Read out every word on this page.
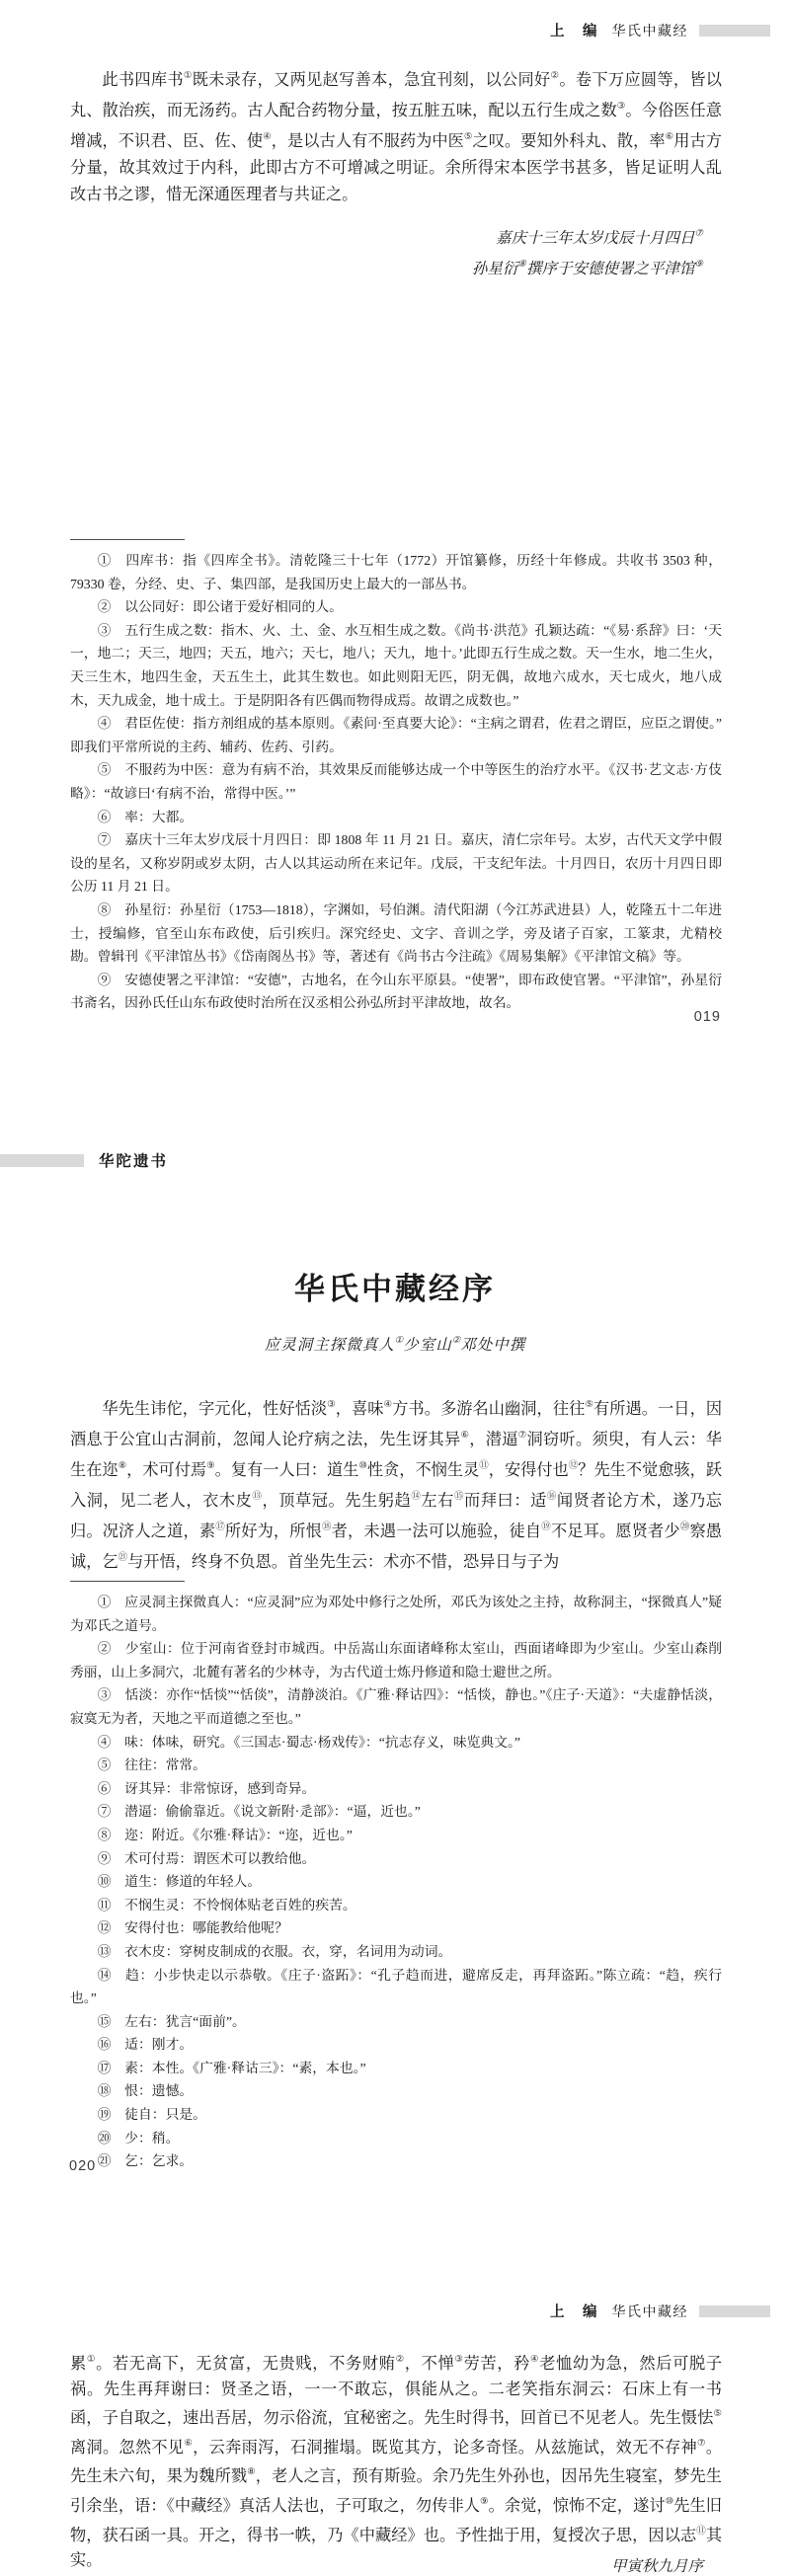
上　编 华氏中藏经
此书四库书①既未录存，又两见赵写善本，急宜刊刻，以公同好②。卷下万应圆等，皆以丸、散治疾，而无汤药。古人配合药物分量，按五脏五味，配以五行生成之数③。今俗医任意增减，不识君、臣、佐、使④，是以古人有不服药为中医⑤之叹。要知外科丸、散，率⑥用古方分量，故其效过于内科，此即古方不可增减之明证。余所得宋本医学书甚多，皆足证明人乱改古书之谬，惜无深通医理者与共证之。
嘉庆十三年太岁戊辰十月四日⑦
孙星衍⑧撰序于安德使署之平津馆⑨

①　四库书：指《四库全书》。清乾隆三十七年（1772）开馆纂修，历经十年修成。共收书 3503 种，79330 卷，分经、史、子、集四部，是我国历史上最大的一部丛书。

②　以公同好：即公诸于爱好相同的人。

③　五行生成之数：指木、火、土、金、水互相生成之数。《尚书·洪范》孔颖达疏：“《易·系辞》曰：‘天一，地二；天三，地四；天五，地六；天七，地八；天九，地十。’此即五行生成之数。天一生水，地二生火，天三生木，地四生金，天五生土，此其生数也。如此则阳无匹，阴无偶，故地六成水，天七成火，地八成木，天九成金，地十成土。于是阴阳各有匹偶而物得成焉。故谓之成数也。”

④　君臣佐使：指方剂组成的基本原则。《素问·至真要大论》：“主病之谓君，佐君之谓臣，应臣之谓使。”即我们平常所说的主药、辅药、佐药、引药。

⑤　不服药为中医：意为有病不治，其效果反而能够达成一个中等医生的治疗水平。《汉书·艺文志·方伎略》：“故谚曰‘有病不治，常得中医。’”

⑥　率：大都。

⑦　嘉庆十三年太岁戊辰十月四日：即 1808 年 11 月 21 日。嘉庆，清仁宗年号。太岁，古代天文学中假设的星名，又称岁阴或岁太阴，古人以其运动所在来记年。戊辰，干支纪年法。十月四日，农历十月四日即公历 11 月 21 日。

⑧　孙星衍：孙星衍（1753—1818），字渊如，号伯渊。清代阳湖（今江苏武进县）人，乾隆五十二年进士，授编修，官至山东布政使，后引疾归。深究经史、文字、音训之学，旁及诸子百家，工篆隶，尤精校勘。曾辑刊《平津馆丛书》《岱南阁丛书》等，著述有《尚书古今注疏》《周易集解》《平津馆文稿》等。

⑨　安德使署之平津馆：“安德”，古地名，在今山东平原县。“使署”，即布政使官署。“平津馆”，孙星衍书斋名，因孙氏任山东布政使时治所在汉丞相公孙弘所封平津故地，故名。

019
华陀遗书
华氏中藏经序
应灵洞主探微真人①少室山②邓处中撰
华先生讳佗，字元化，性好恬淡③，喜味④方书。多游名山幽洞，往往⑤有所遇。一日，因酒息于公宜山古洞前，忽闻人论疗病之法，先生讶其异⑥，潜逼⑦洞窃听。须臾，有人云：华生在迩⑧，术可付焉⑨。复有一人曰：道生⑩性贪，不悯生灵⑪，安得付也⑫？先生不觉愈骇，跃入洞，见二老人，衣木皮⑬，顶草冠。先生躬趋⑭左右⑮而拜曰：适⑯闻贤者论方术，遂乃忘归。况济人之道，素⑰所好为，所恨⑱者，未遇一法可以施验，徒自⑲不足耳。愿贤者少⑳察愚诚，乞$^㉑$与开悟，终身不负恩。首坐先生云：术亦不惜，恐异日与子为

①　应灵洞主探微真人：“应灵洞”应为邓处中修行之处所，邓氏为该处之主持，故称洞主，“探微真人”疑为邓氏之道号。

②　少室山：位于河南省登封市城西。中岳嵩山东面诸峰称太室山，西面诸峰即为少室山。少室山森削秀丽，山上多洞穴，北麓有著名的少林寺，为古代道士炼丹修道和隐士避世之所。

③　恬淡：亦作“恬惔”“恬倓”，清静淡泊。《广雅·释诂四》：“恬惔，静也。”《庄子·天道》：“夫虚静恬淡，寂寞无为者，天地之平而道德之至也。”

④　味：体味，研究。《三国志·蜀志·杨戏传》：“抗志存义，味览典文。”

⑤　往往：常常。

⑥　讶其异：非常惊讶，感到奇异。

⑦　潜逼：偷偷靠近。《说文新附·辵部》：“逼，近也。”

⑧　迩：附近。《尔雅·释诂》：“迩，近也。”

⑨　术可付焉：谓医术可以教给他。

⑩　道生：修道的年轻人。

⑪　不悯生灵：不怜悯体贴老百姓的疾苦。

⑫　安得付也：哪能教给他呢？

⑬　衣木皮：穿树皮制成的衣服。衣，穿，名词用为动词。

⑭　趋：小步快走以示恭敬。《庄子·盗跖》：“孔子趋而进，避席反走，再拜盗跖。”陈立疏：“趋，疾行也。”

⑮　左右：犹言“面前”。

⑯　适：刚才。

⑰　素：本性。《广雅·释诂三》：“素，本也。”

⑱　恨：遗憾。

⑲　徒自：只是。

⑳　少：稍。

㉑　乞：乞求。

020
上　编 华氏中藏经
累①。若无高下，无贫富，无贵贱，不务财贿②，不惮③劳苦，矜④老恤幼为急，然后可脱子祸。先生再拜谢曰：贤圣之语，一一不敢忘，俱能从之。二老笑指东洞云：石床上有一书函，子自取之，速出吾居，勿示俗流，宜秘密之。先生时得书，回首已不见老人。先生慑怯⑤离洞。忽然不见⑥，云奔雨泻，石洞摧塌。既览其方，论多奇怪。从兹施试，效无不存神⑦。先生未六旬，果为魏所戮⑧，老人之言，预有斯验。余乃先生外孙也，因吊先生寝室，梦先生引余坐，语：《中藏经》真活人法也，子可取之，勿传非人⑨。余觉，惊怖不定，遂讨⑩先生旧物，获石函一具。开之，得书一帙，乃《中藏经》也。予性拙于用，复授次子思，因以志⑪其实。	甲寅秋九月序
